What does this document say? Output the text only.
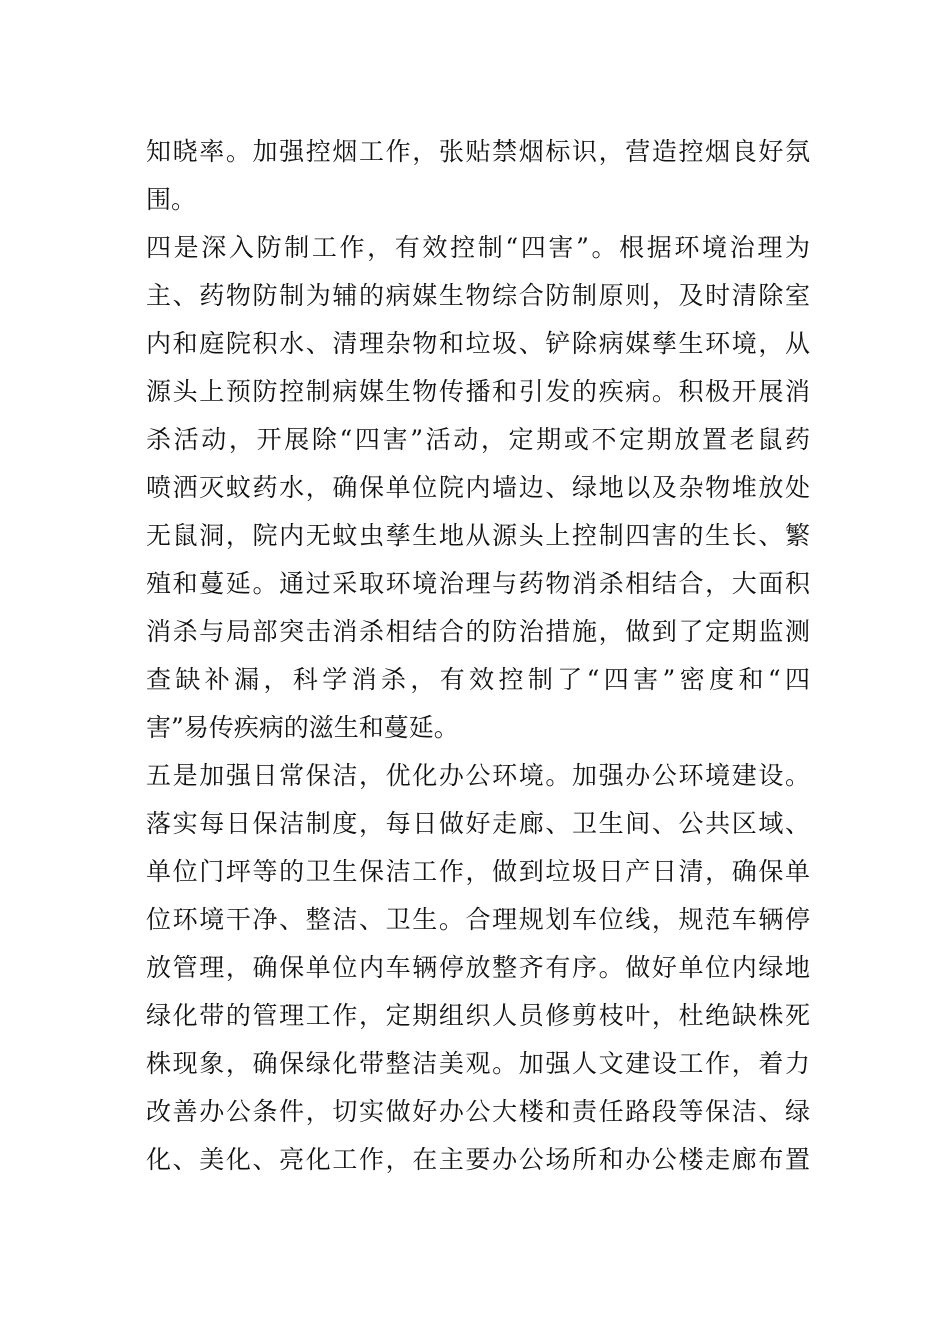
知晓率。加强控烟工作，张贴禁烟标识，营造控烟良好氛
围。
四是深入防制工作，有效控制“四害”。根据环境治理为
主、药物防制为辅的病媒生物综合防制原则，及时清除室
内和庭院积水、清理杂物和垃圾、铲除病媒孳生环境，从
源头上预防控制病媒生物传播和引发的疾病。积极开展消
杀活动，开展除“四害”活动，定期或不定期放置老鼠药
喷洒灭蚊药水，确保单位院内墙边、绿地以及杂物堆放处
无鼠洞，院内无蚊虫孳生地从源头上控制四害的生长、繁
殖和蔓延。通过采取环境治理与药物消杀相结合，大面积
消杀与局部突击消杀相结合的防治措施，做到了定期监测
查缺补漏，科学消杀，有效控制了“四害”密度和“四
害”易传疾病的滋生和蔓延。
五是加强日常保洁，优化办公环境。加强办公环境建设。
落实每日保洁制度，每日做好走廊、卫生间、公共区域、
单位门坪等的卫生保洁工作，做到垃圾日产日清，确保单
位环境干净、整洁、卫生。合理规划车位线，规范车辆停
放管理，确保单位内车辆停放整齐有序。做好单位内绿地
绿化带的管理工作，定期组织人员修剪枝叶，杜绝缺株死
株现象，确保绿化带整洁美观。加强人文建设工作，着力
改善办公条件，切实做好办公大楼和责任路段等保洁、绿
化、美化、亮化工作，在主要办公场所和办公楼走廊布置
